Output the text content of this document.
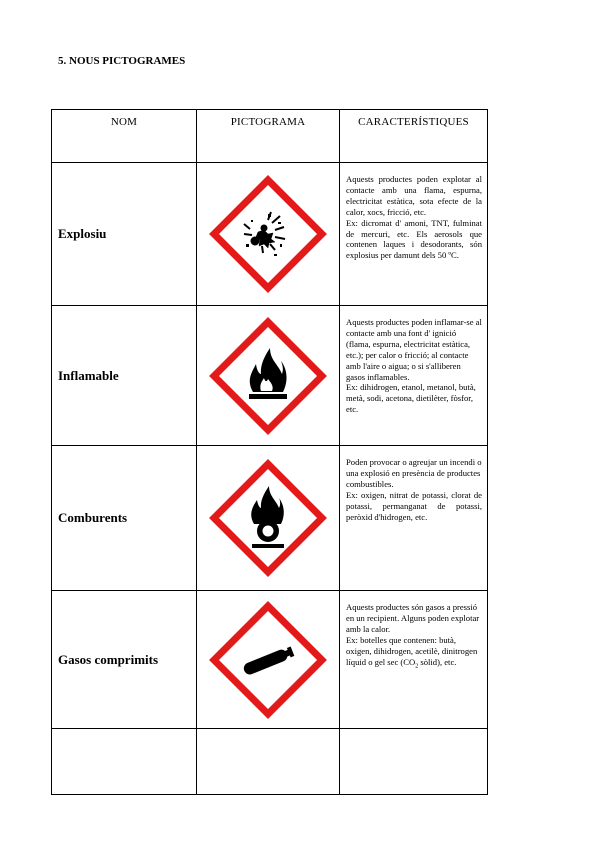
5. NOUS PICTOGRAMES
NOM	PICTOGRAMA	CARACTERÍSTIQUES
Explosiu		Aquests productes poden explotar al contacte amb una flama, espurna, electricitat estàtica, sota efecte de la calor, xocs, fricció, etc.

Ex: dicromat d' amoni, TNT, fulminat de mercuri, etc. Els aerosols que contenen laques i desodorants, són explosius per damunt dels 50 ºC.

Inflamable		Aquests productes poden inflamar-se al contacte amb una font d' ignició (flama, espurna, electricitat estàtica, etc.); per calor o fricció; al contacte amb l'aire o aigua; o si s'alliberen gasos inflamables.

Ex: dihidrogen, etanol, metanol, butà, metà, sodi, acetona, dietilèter, fòsfor, etc.

Comburents		Poden provocar o agreujar un incendi o una explosió en presència de productes combustibles.

Ex: oxigen, nitrat de potassi, clorat de potassi, permanganat de potassi, peròxid d'hidrogen, etc.

Gasos comprimits		Aquests productes són gasos a pressió en un recipient. Alguns poden explotar amb la calor.

Ex: botelles que contenen: butà, oxigen, dihidrogen, acetilè, dinitrogen líquid o gel $\sec (CO_2$ sòlid), etc.
